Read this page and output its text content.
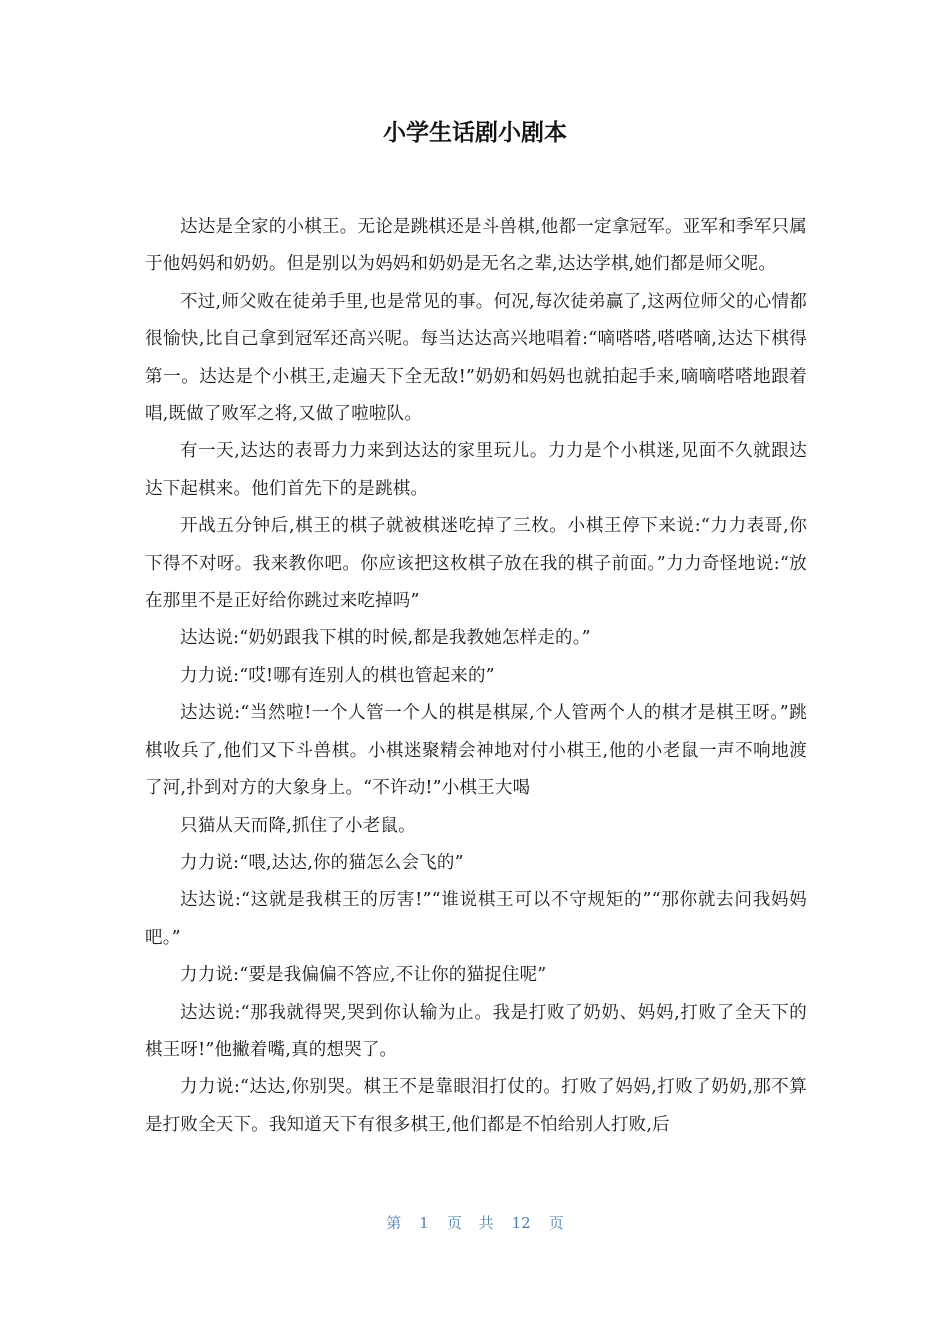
小学生话剧小剧本

达达是全家的小棋王。无论是跳棋还是斗兽棋,他都一定拿冠军。亚军和季军只属于他妈妈和奶奶。但是别以为妈妈和奶奶是无名之辈,达达学棋,她们都是师父呢。

不过,师父败在徒弟手里,也是常见的事。何况,每次徒弟赢了,这两位师父的心情都很愉快,比自己拿到冠军还高兴呢。每当达达高兴地唱着:“嘀嗒嗒,嗒嗒嘀,达达下棋得第一。达达是个小棋王,走遍天下全无敌!”奶奶和妈妈也就拍起手来,嘀嘀嗒嗒地跟着唱,既做了败军之将,又做了啦啦队。

有一天,达达的表哥力力来到达达的家里玩儿。力力是个小棋迷,见面不久就跟达达下起棋来。他们首先下的是跳棋。

开战五分钟后,棋王的棋子就被棋迷吃掉了三枚。小棋王停下来说:“力力表哥,你下得不对呀。我来教你吧。你应该把这枚棋子放在我的棋子前面。”力力奇怪地说:“放在那里不是正好给你跳过来吃掉吗”

达达说:“奶奶跟我下棋的时候,都是我教她怎样走的。”

力力说:“哎!哪有连别人的棋也管起来的”

达达说:“当然啦!一个人管一个人的棋是棋屎,个人管两个人的棋才是棋王呀。”跳棋收兵了,他们又下斗兽棋。小棋迷聚精会神地对付小棋王,他的小老鼠一声不响地渡了河,扑到对方的大象身上。“不许动!”小棋王大喝

只猫从天而降,抓住了小老鼠。

力力说:“喂,达达,你的猫怎么会飞的”

达达说:“这就是我棋王的厉害!”“谁说棋王可以不守规矩的”“那你就去问我妈妈吧。”

力力说:“要是我偏偏不答应,不让你的猫捉住呢”

达达说:“那我就得哭,哭到你认输为止。我是打败了奶奶、妈妈,打败了全天下的棋王呀!”他撇着嘴,真的想哭了。

力力说:“达达,你别哭。棋王不是靠眼泪打仗的。打败了妈妈,打败了奶奶,那不算是打败全天下。我知道天下有很多棋王,他们都是不怕给别人打败,后

第 1 页 共 12 页
